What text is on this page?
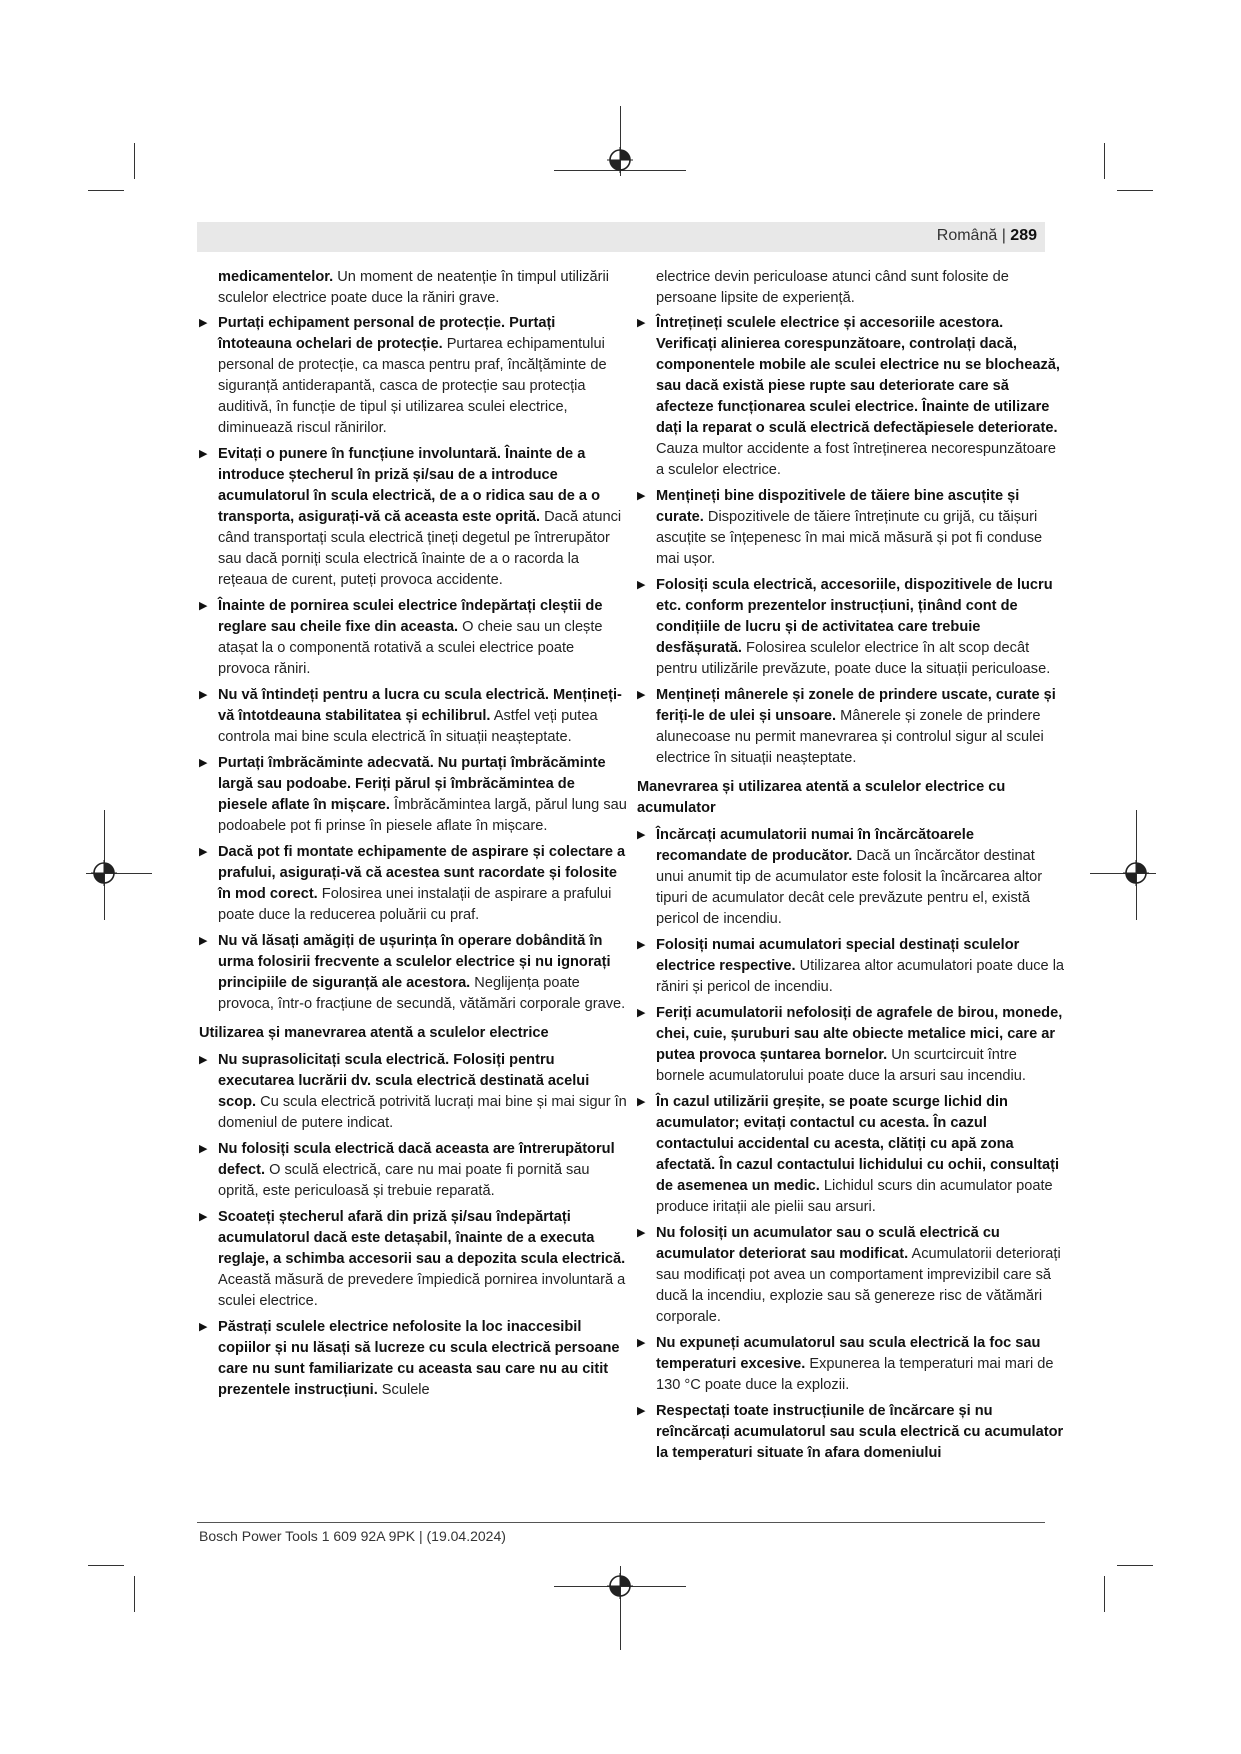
Română | 289

medicamentelor. Un moment de neatenție în timpul utilizării sculelor electrice poate duce la răniri grave.

▶ Purtați echipament personal de protecție. Purtați întoteauna ochelari de protecție. Purtarea echipamentului personal de protecție, ca masca pentru praf, încălțăminte de siguranță antiderapantă, casca de protecție sau protecția auditivă, în funcție de tipul și utilizarea sculei electrice, diminuează riscul rănirilor.
▶ Evitați o punere în funcțiune involuntară. Înainte de a introduce ștecherul în priză și/sau de a introduce acumulatorul în scula electrică, de a o ridica sau de a o transporta, asigurați-vă că aceasta este oprită. Dacă atunci când transportați scula electrică țineți degetul pe întrerupător sau dacă porniți scula electrică înainte de a o racorda la rețeaua de curent, puteți provoca accidente.
▶ Înainte de pornirea sculei electrice îndepărtați cleștii de reglare sau cheile fixe din aceasta. O cheie sau un clește atașat la o componentă rotativă a sculei electrice poate provoca răniri.
▶ Nu vă întindeți pentru a lucra cu scula electrică. Mențineți-vă întotdeauna stabilitatea și echilibrul. Astfel veți putea controla mai bine scula electrică în situații neașteptate.
▶ Purtați îmbrăcăminte adecvată. Nu purtați îmbrăcăminte largă sau podoabe. Feriți părul și îmbrăcămintea de piesele aflate în mișcare. Îmbrăcămintea largă, părul lung sau podoabele pot fi prinse în piesele aflate în mișcare.
▶ Dacă pot fi montate echipamente de aspirare și colectare a prafului, asigurați-vă că acestea sunt racordate și folosite în mod corect. Folosirea unei instalații de aspirare a prafului poate duce la reducerea poluării cu praf.
▶ Nu vă lăsați amăgiți de ușurința în operare dobândită în urma folosirii frecvente a sculelor electrice și nu ignorați principiile de siguranță ale acestora. Neglijența poate provoca, într-o fracțiune de secundă, vătămări corporale grave.
Utilizarea și manevrarea atentă a sculelor electrice
▶ Nu suprasolicitați scula electrică. Folosiți pentru executarea lucrării dv. scula electrică destinată acelui scop. Cu scula electrică potrivită lucrați mai bine și mai sigur în domeniul de putere indicat.
▶ Nu folosiți scula electrică dacă aceasta are întrerupătorul defect. O sculă electrică, care nu mai poate fi pornită sau oprită, este periculoasă și trebuie reparată.
▶ Scoateți ștecherul afară din priză și/sau îndepărtați acumulatorul dacă este detașabil, înainte de a executa reglaje, a schimba accesorii sau a depozita scula electrică. Această măsură de prevedere împiedică pornirea involuntară a sculei electrice.
▶ Păstrați sculele electrice nefolosite la loc inaccesibil copiilor și nu lăsați să lucreze cu scula electrică persoane care nu sunt familiarizate cu aceasta sau care nu au citit prezentele instrucțiuni. Sculele

electrice devin periculoase atunci când sunt folosite de persoane lipsite de experiență.

▶ Întrețineți sculele electrice și accesoriile acestora. Verificați alinierea corespunzătoare, controlați dacă, componentele mobile ale sculei electrice nu se blochează, sau dacă există piese rupte sau deteriorate care să afecteze funcționarea sculei electrice. Înainte de utilizare dați la reparat o sculă electrică defectăpiesele deteriorate. Cauza multor accidente a fost întreținerea necorespunzătoare a sculelor electrice.
▶ Mențineți bine dispozitivele de tăiere bine ascuțite și curate. Dispozitivele de tăiere întreținute cu grijă, cu tăișuri ascuțite se înțepenesc în mai mică măsură și pot fi conduse mai ușor.
▶ Folosiți scula electrică, accesoriile, dispozitivele de lucru etc. conform prezentelor instrucțiuni, ținând cont de condițiile de lucru și de activitatea care trebuie desfășurată. Folosirea sculelor electrice în alt scop decât pentru utilizările prevăzute, poate duce la situații periculoase.
▶ Mențineți mânerele și zonele de prindere uscate, curate și feriți-le de ulei și unsoare. Mânerele și zonele de prindere alunecoase nu permit manevrarea și controlul sigur al sculei electrice în situații neașteptate.
Manevrarea și utilizarea atentă a sculelor electrice cu acumulator
▶ Încărcați acumulatorii numai în încărcătoarele recomandate de producător. Dacă un încărcător destinat unui anumit tip de acumulator este folosit la încărcarea altor tipuri de acumulator decât cele prevăzute pentru el, există pericol de incendiu.
▶ Folosiți numai acumulatori special destinați sculelor electrice respective. Utilizarea altor acumulatori poate duce la răniri și pericol de incendiu.
▶ Feriți acumulatorii nefolosiți de agrafele de birou, monede, chei, cuie, șuruburi sau alte obiecte metalice mici, care ar putea provoca șuntarea bornelor. Un scurtcircuit între bornele acumulatorului poate duce la arsuri sau incendiu.
▶ În cazul utilizării greșite, se poate scurge lichid din acumulator; evitați contactul cu acesta. În cazul contactului accidental cu acesta, clătiți cu apă zona afectată. În cazul contactului lichidului cu ochii, consultați de asemenea un medic. Lichidul scurs din acumulator poate produce iritații ale pielii sau arsuri.
▶ Nu folosiți un acumulator sau o sculă electrică cu acumulator deteriorat sau modificat. Acumulatorii deteriorați sau modificați pot avea un comportament imprevizibil care să ducă la incendiu, explozie sau să genereze risc de vătămări corporale.
▶ Nu expuneți acumulatorul sau scula electrică la foc sau temperaturi excesive. Expunerea la temperaturi mai mari de 130 °C poate duce la explozii.
▶ Respectați toate instrucțiunile de încărcare și nu reîncărcați acumulatorul sau scula electrică cu acumulator la temperaturi situate în afara domeniului
Bosch Power Tools 1 609 92A 9PK | (19.04.2024)
